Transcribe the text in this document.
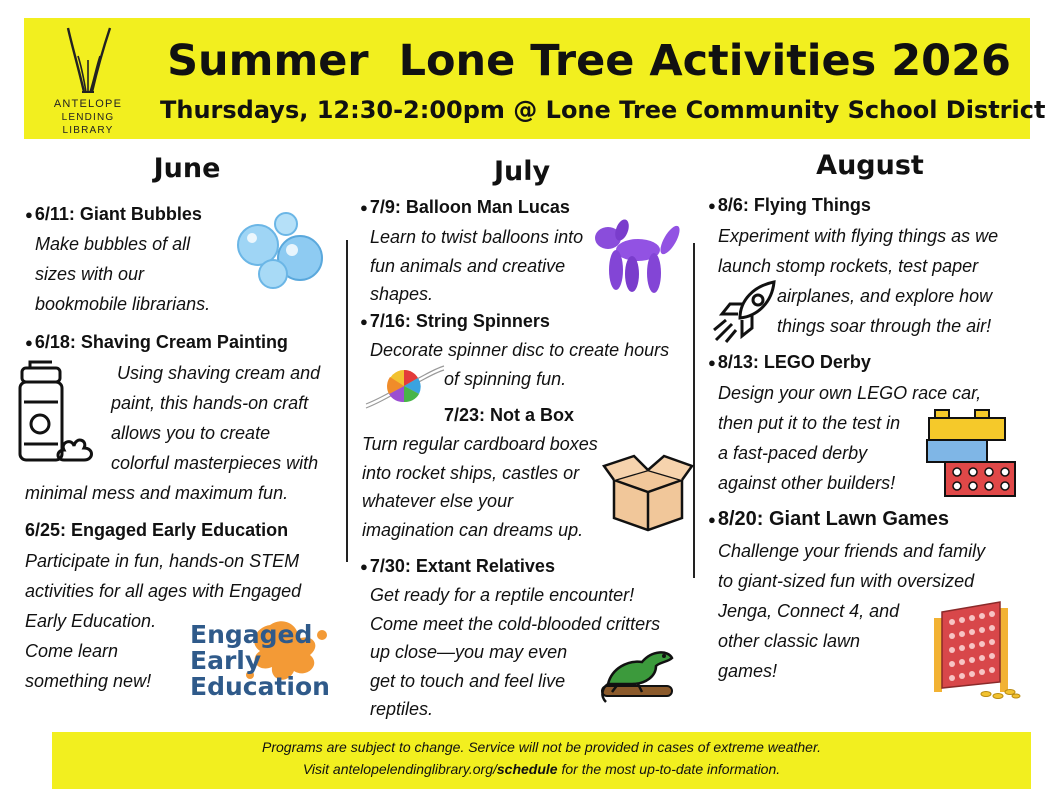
ANTELOPE
LENDING LIBRARY
Summer  Lone Tree Activities 2026
Thursdays, 12:30-2:00pm @ Lone Tree Community School District
June	July	August
● 6/11: Giant Bubbles
Make bubbles of all
sizes with our
bookmobile librarians.
● 6/18: Shaving Cream Painting
Using shaving cream and
paint, this hands-on craft
allows you to create
colorful masterpieces with
minimal mess and maximum fun.
6/25: Engaged Early Education
Participate in fun, hands-on STEM
activities for all ages with Engaged
Early Education.
Come learn
something new!
Engaged
Early
Education
● 7/9: Balloon Man Lucas
Learn to twist balloons into
fun animals and creative
shapes.
● 7/16: String Spinners
Decorate spinner disc to create hours
of spinning fun.
7/23: Not a Box
Turn regular cardboard boxes
into rocket ships, castles or
whatever else your
imagination can dreams up.
● 7/30: Extant Relatives
Get ready for a reptile encounter!
Come meet the cold-blooded critters
up close—you may even
get to touch and feel live
reptiles.
● 8/6: Flying Things
Experiment with flying things as we
launch stomp rockets, test paper
airplanes, and explore how
things soar through the air!
● 8/13: LEGO Derby
Design your own LEGO race car,
then put it to the test in
a fast-paced derby
against other builders!
● 8/20: Giant Lawn Games
Challenge your friends and family
to giant-sized fun with oversized
Jenga, Connect 4, and
other classic lawn
games!
Programs are subject to change. Service will not be provided in cases of extreme weather.
Visit antelopelendinglibrary.org/schedule for the most up-to-date information.
